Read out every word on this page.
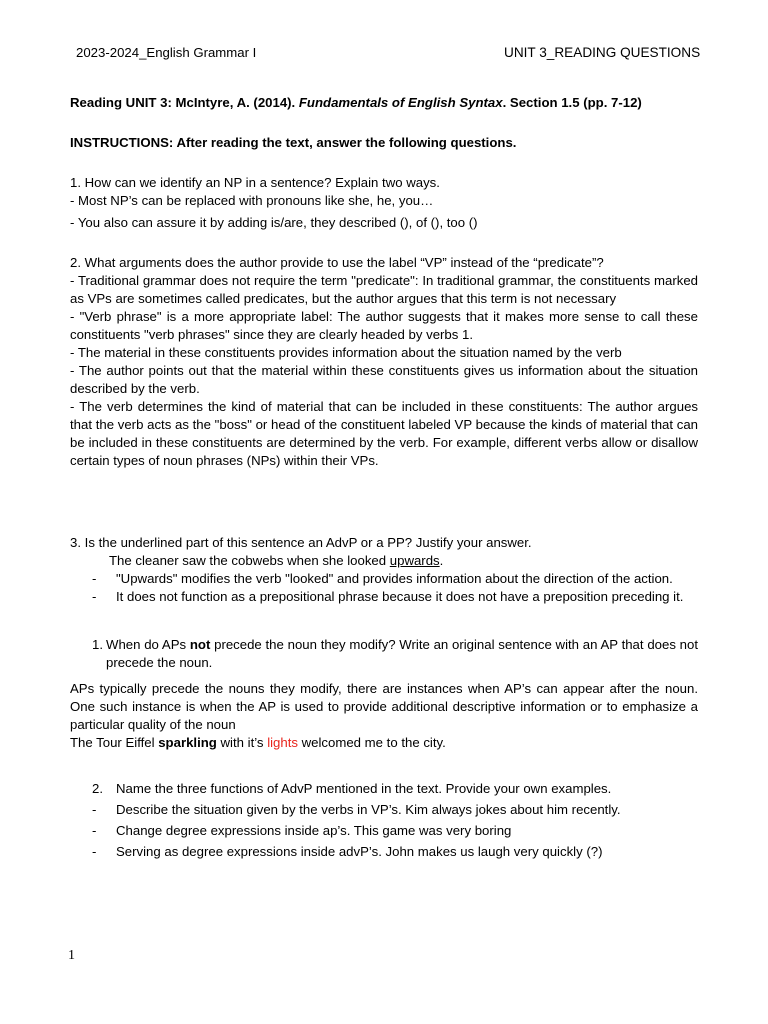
2023-2024_English Grammar I	UNIT 3_READING QUESTIONS

Reading UNIT 3: McIntyre, A. (2014). Fundamentals of English Syntax. Section 1.5 (pp. 7-12)

INSTRUCTIONS: After reading the text, answer the following questions.

1. How can we identify an NP in a sentence? Explain two ways.

- Most NP’s can be replaced with pronouns like she, he, you…

- You also can assure it by adding is/are, they described (), of (), too ()

2. What arguments does the author provide to use the label “VP” instead of the “predicate”?

- Traditional grammar does not require the term "predicate": In traditional grammar, the constituents marked as VPs are sometimes called predicates, but the author argues that this term is not necessary

- "Verb phrase" is a more appropriate label: The author suggests that it makes more sense to call these constituents "verb phrases" since they are clearly headed by verbs 1.

- The material in these constituents provides information about the situation named by the verb

- The author points out that the material within these constituents gives us information about the situation described by the verb.

- The verb determines the kind of material that can be included in these constituents: The author argues that the verb acts as the "boss" or head of the constituent labeled VP because the kinds of material that can be included in these constituents are determined by the verb. For example, different verbs allow or disallow certain types of noun phrases (NPs) within their VPs.

3. Is the underlined part of this sentence an AdvP or a PP? Justify your answer.

The cleaner saw the cobwebs when she looked upwards.

- "Upwards" modifies the verb "looked" and provides information about the direction of the action.
- It does not function as a prepositional phrase because it does not have a preposition preceding it.
1. When do APs not precede the noun they modify? Write an original sentence with an AP that does not precede the noun.

APs typically precede the nouns they modify, there are instances when AP’s can appear after the noun. One such instance is when the AP is used to provide additional descriptive information or to emphasize a particular quality of the noun

The Tour Eiffel sparkling with it’s lights welcomed me to the city.

2. Name the three functions of AdvP mentioned in the text. Provide your own examples.
- Describe the situation given by the verbs in VP’s. Kim always jokes about him recently.
- Change degree expressions inside ap’s. This game was very boring
- Serving as degree expressions inside advP’s. John makes us laugh very quickly (?)
1
